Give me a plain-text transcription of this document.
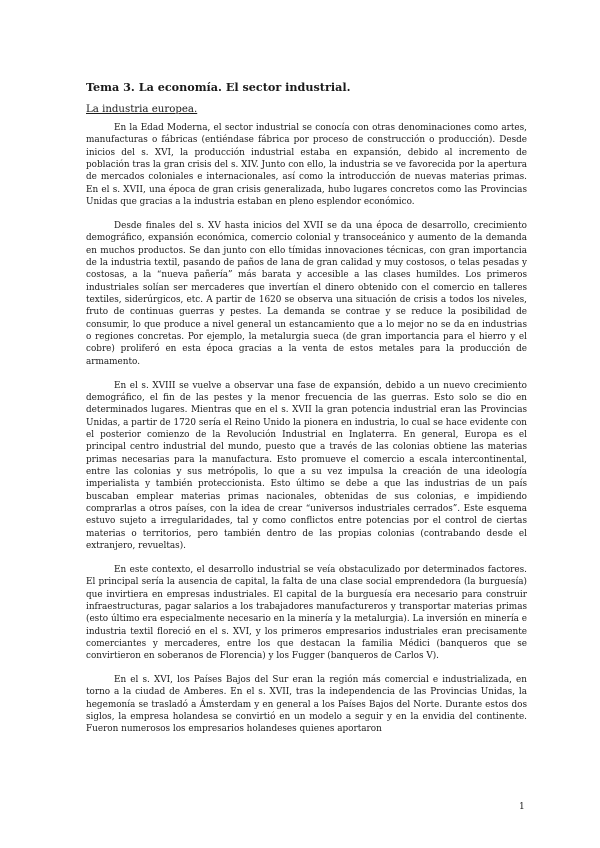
Tema 3. La economía. El sector industrial.

La industria europea.

En la Edad Moderna, el sector industrial se conocía con otras denominaciones como artes, manufacturas o fábricas (entiéndase fábrica por proceso de construcción o producción). Desde inicios del s. XVI, la producción industrial estaba en expansión, debido al incremento de población tras la gran crisis del s. XIV. Junto con ello, la industria se ve favorecida por la apertura de mercados coloniales e internacionales, así como la introducción de nuevas materias primas. En el s. XVII, una época de gran crisis generalizada, hubo lugares concretos como las Provincias Unidas que gracias a la industria estaban en pleno esplendor económico.

Desde finales del s. XV hasta inicios del XVII se da una época de desarrollo, crecimiento demográfico, expansión económica, comercio colonial y transoceánico y aumento de la demanda en muchos productos. Se dan junto con ello tímidas innovaciones técnicas, con gran importancia de la industria textil, pasando de paños de lana de gran calidad y muy costosos, o telas pesadas y costosas, a la “nueva pañería” más barata y accesible a las clases humildes. Los primeros industriales solían ser mercaderes que invertían el dinero obtenido con el comercio en talleres textiles, siderúrgicos, etc. A partir de 1620 se observa una situación de crisis a todos los niveles, fruto de continuas guerras y pestes. La demanda se contrae y se reduce la posibilidad de consumir, lo que produce a nivel general un estancamiento que a lo mejor no se da en industrias o regiones concretas. Por ejemplo, la metalurgia sueca (de gran importancia para el hierro y el cobre) proliferó en esta época gracias a la venta de estos metales para la producción de armamento.

En el s. XVIII se vuelve a observar una fase de expansión, debido a un nuevo crecimiento demográfico, el fin de las pestes y la menor frecuencia de las guerras. Esto solo se dio en determinados lugares. Mientras que en el s. XVII la gran potencia industrial eran las Provincias Unidas, a partir de 1720 sería el Reino Unido la pionera en industria, lo cual se hace evidente con el posterior comienzo de la Revolución Industrial en Inglaterra. En general, Europa es el principal centro industrial del mundo, puesto que a través de las colonias obtiene las materias primas necesarias para la manufactura. Esto promueve el comercio a escala intercontinental, entre las colonias y sus metrópolis, lo que a su vez impulsa la creación de una ideología imperialista y también proteccionista. Esto último se debe a que las industrias de un país buscaban emplear materias primas nacionales, obtenidas de sus colonias, e impidiendo comprarlas a otros países, con la idea de crear “universos industriales cerrados”. Este esquema estuvo sujeto a irregularidades, tal y como conflictos entre potencias por el control de ciertas materias o territorios, pero también dentro de las propias colonias (contrabando desde el extranjero, revueltas).

En este contexto, el desarrollo industrial se veía obstaculizado por determinados factores. El principal sería la ausencia de capital, la falta de una clase social emprendedora (la burguesía) que invirtiera en empresas industriales. El capital de la burguesía era necesario para construir infraestructuras, pagar salarios a los trabajadores manufactureros y transportar materias primas (esto último era especialmente necesario en la minería y la metalurgia). La inversión en minería e industria textil floreció en el s. XVI, y los primeros empresarios industriales eran precisamente comerciantes y mercaderes, entre los que destacan la familia Médici (banqueros que se convirtieron en soberanos de Florencia) y los Fugger (banqueros de Carlos V).

En el s. XVI, los Países Bajos del Sur eran la región más comercial e industrializada, en torno a la ciudad de Amberes. En el s. XVII, tras la independencia de las Provincias Unidas, la hegemonía se trasladó a Ámsterdam y en general a los Países Bajos del Norte. Durante estos dos siglos, la empresa holandesa se convirtió en un modelo a seguir y en la envidia del continente. Fueron numerosos los empresarios holandeses quienes aportaron

1
